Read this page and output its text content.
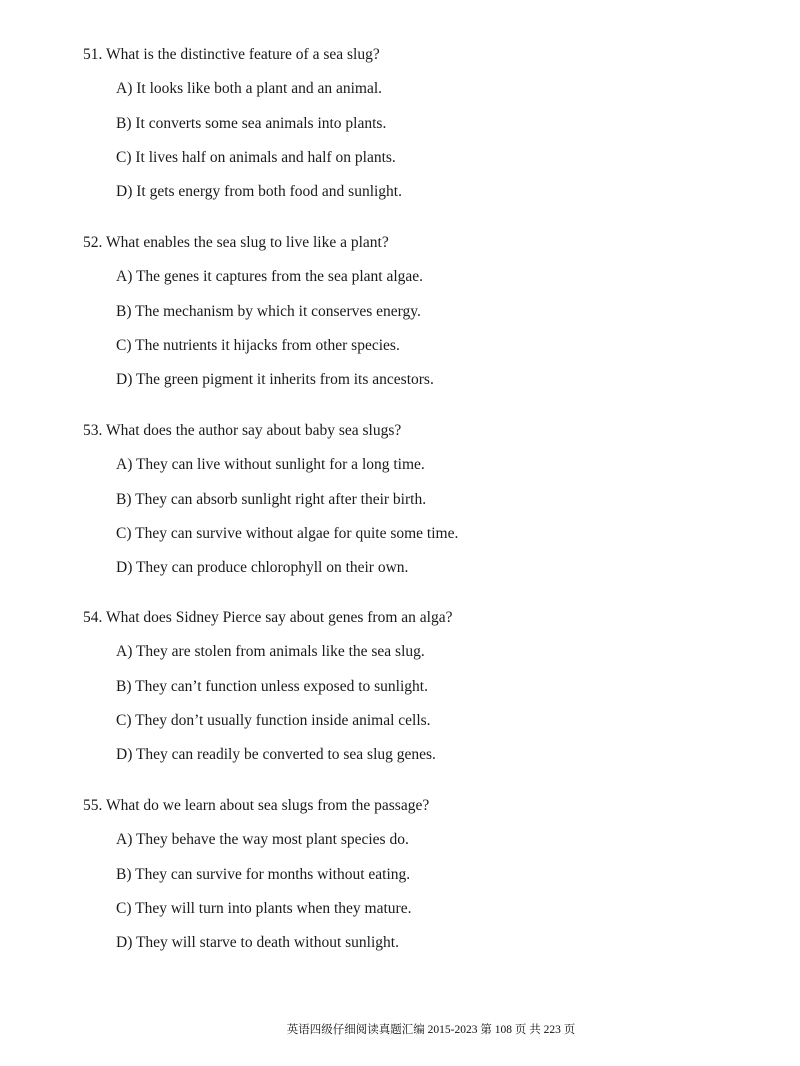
51. What is the distinctive feature of a sea slug?
A) It looks like both a plant and an animal.
B) It converts some sea animals into plants.
C) It lives half on animals and half on plants.
D) It gets energy from both food and sunlight.
52. What enables the sea slug to live like a plant?
A) The genes it captures from the sea plant algae.
B) The mechanism by which it conserves energy.
C) The nutrients it hijacks from other species.
D) The green pigment it inherits from its ancestors.
53. What does the author say about baby sea slugs?
A) They can live without sunlight for a long time.
B) They can absorb sunlight right after their birth.
C) They can survive without algae for quite some time.
D) They can produce chlorophyll on their own.
54. What does Sidney Pierce say about genes from an alga?
A) They are stolen from animals like the sea slug.
B) They can’t function unless exposed to sunlight.
C) They don’t usually function inside animal cells.
D) They can readily be converted to sea slug genes.
55. What do we learn about sea slugs from the passage?
A) They behave the way most plant species do.
B) They can survive for months without eating.
C) They will turn into plants when they mature.
D) They will starve to death without sunlight.
英语四级仔细阅读真题汇编 2015-2023 第 108 页 共 223 页
